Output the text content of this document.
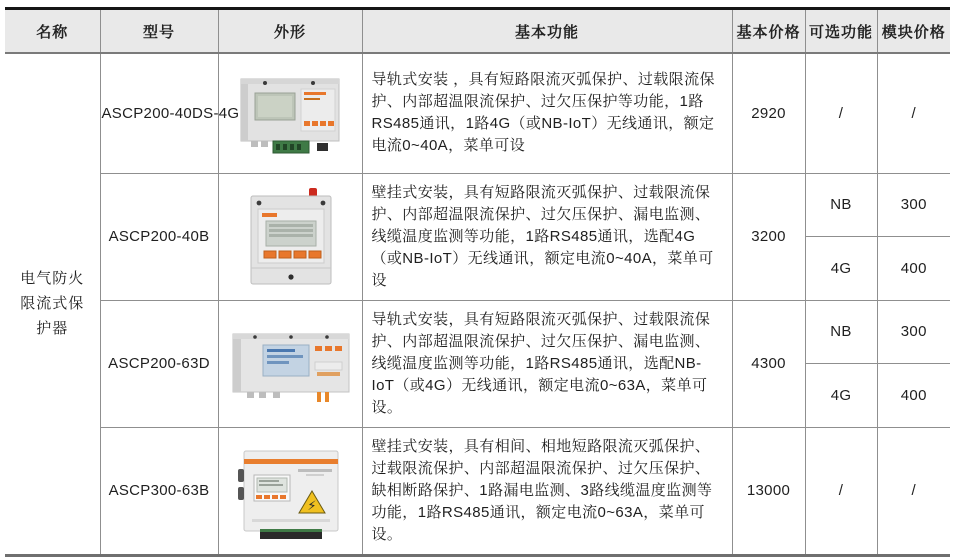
名称	型号	外形	基本功能	基本价格	可选功能	模块价格
电气防火限流式保护器	ASCP200-40DS-4G		导轨式安装 ，具有短路限流灭弧保护、过载限流保护、内部超温限流保护、过欠压保护等功能，1路RS485通讯，1路4G（或NB-IoT）无线通讯，额定电流0~40A，菜单可设	2920	/	/
	ASCP200-40B		壁挂式安装，具有短路限流灭弧保护、过载限流保护、内部超温限流保护、过欠压保护、漏电监测、线缆温度监测等功能，1路RS485通讯，选配4G（或NB-IoT）无线通讯，额定电流0~40A，菜单可设	3200	NB	300
					4G	400
	ASCP200-63D		导轨式安装，具有短路限流灭弧保护、过载限流保护、内部超温限流保护、过欠压保护、漏电监测、线缆温度监测等功能，1路RS485通讯，选配NB-IoT（或4G）无线通讯，额定电流0~63A，菜单可设。	4300	NB	300
					4G	400
	ASCP300-63B	⚡	壁挂式安装，具有相间、相地短路限流灭弧保护、过载限流保护、内部超温限流保护、过欠压保护、缺相断路保护、1路漏电监测、3路线缆温度监测等功能，1路RS485通讯，额定电流0~63A，菜单可设。	13000	/	/
